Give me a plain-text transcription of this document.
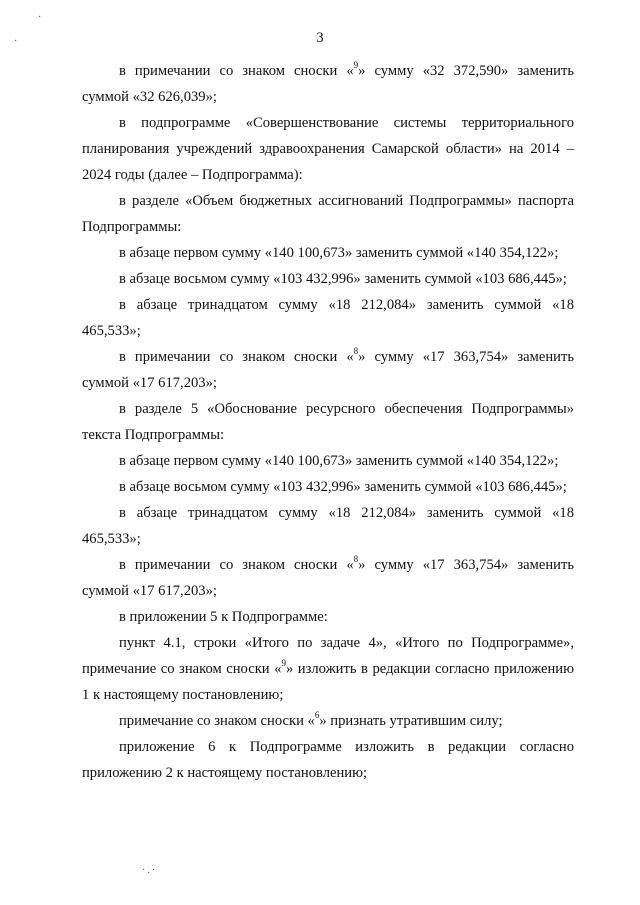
·
·
·.·
3

в примечании со знаком сноски «$^9$» сумму «32 372,590» заменить суммой «32 626,039»;

в подпрограмме «Совершенствование системы территориального планирования учреждений здравоохранения Самарской области» на 2014 – 2024 годы (далее – Подпрограмма):

в разделе «Объем бюджетных ассигнований Подпрограммы» паспорта Подпрограммы:

в абзаце первом сумму «140 100,673» заменить суммой «140 354,122»;

в абзаце восьмом сумму «103 432,996» заменить суммой «103 686,445»;

в абзаце тринадцатом сумму «18 212,084» заменить суммой «18 465,533»;

в примечании со знаком сноски «$^8$» сумму «17 363,754» заменить суммой «17 617,203»;

в разделе 5 «Обоснование ресурсного обеспечения Подпрограммы» текста Подпрограммы:

в абзаце первом сумму «140 100,673» заменить суммой «140 354,122»;

в абзаце восьмом сумму «103 432,996» заменить суммой «103 686,445»;

в абзаце тринадцатом сумму «18 212,084» заменить суммой «18 465,533»;

в примечании со знаком сноски «$^8$» сумму «17 363,754» заменить суммой «17 617,203»;

в приложении 5 к Подпрограмме:

пункт 4.1, строки «Итого по задаче 4», «Итого по Подпрограмме», примечание со знаком сноски «$^9$» изложить в редакции согласно приложению 1 к настоящему постановлению;

примечание со знаком сноски «$^6$» признать утратившим силу;

приложение 6 к Подпрограмме изложить в редакции согласно приложению 2 к настоящему постановлению;
